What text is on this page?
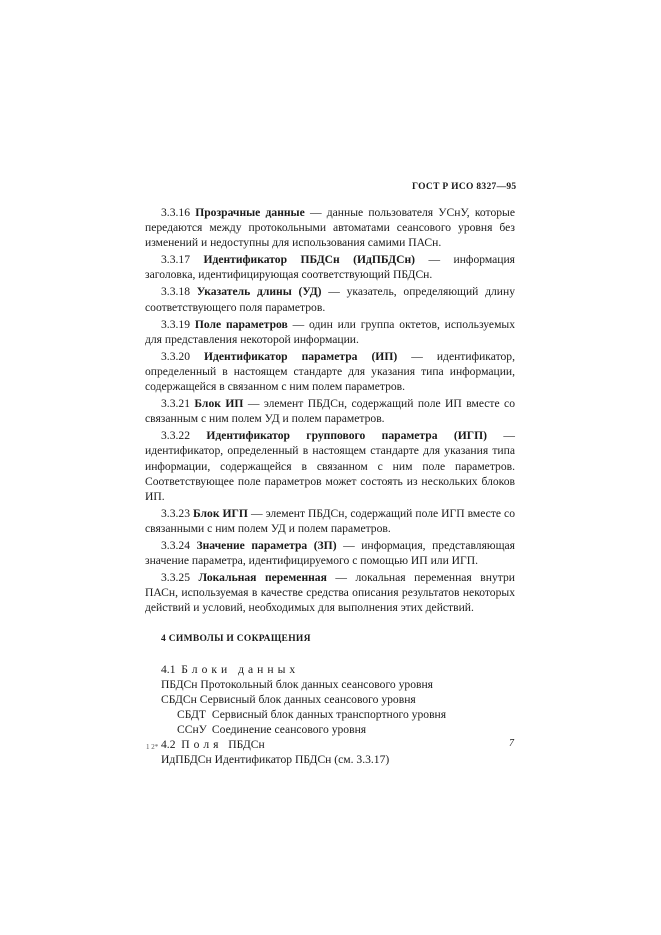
ГОСТ Р ИСО 8327—95

3.3.16 Прозрачные данные — данные пользователя УСнУ, которые передаются между протокольными автоматами сеансового уровня без изменений и недоступны для использования самими ПАСн.

3.3.17 Идентификатор ПБДСн (ИдПБДСн) — информация заголовка, идентифицирующая соответствующий ПБДСн.

3.3.18 Указатель длины (УД) — указатель, определяющий длину соответствующего поля параметров.

3.3.19 Поле параметров — один или группа октетов, используемых для представления некоторой информации.

3.3.20 Идентификатор параметра (ИП) — идентификатор, определенный в настоящем стандарте для указания типа информации, содержащейся в связанном с ним полем параметров.

3.3.21 Блок ИП — элемент ПБДСн, содержащий поле ИП вместе со связанным с ним полем УД и полем параметров.

3.3.22 Идентификатор группового параметра (ИГП) — идентификатор, определенный в настоящем стандарте для указания типа информации, содержащейся в связанном с ним поле параметров. Соответствующее поле параметров может состоять из нескольких блоков ИП.

3.3.23 Блок ИГП — элемент ПБДСн, содержащий поле ИГП вместе со связанными с ним полем УД и полем параметров.

3.3.24 Значение параметра (ЗП) — информация, представляющая значение параметра, идентифицируемого с помощью ИП или ИГП.

3.3.25 Локальная переменная — локальная переменная внутри ПАСн, используемая в качестве средства описания результатов некоторых действий и условий, необходимых для выполнения этих действий.

4 СИМВОЛЫ И СОКРАЩЕНИЯ
4.1 Блоки данных
ПБДСн Протокольный блок данных сеансового уровня
СБДСн Сервисный блок данных сеансового уровня
СБДТ Сервисный блок данных транспортного уровня
ССнУ Соединение сеансового уровня
4.2 Поля ПБДСн
ИдПБДСн Идентификатор ПБДСн (см. 3.3.17)
1 2*	7
